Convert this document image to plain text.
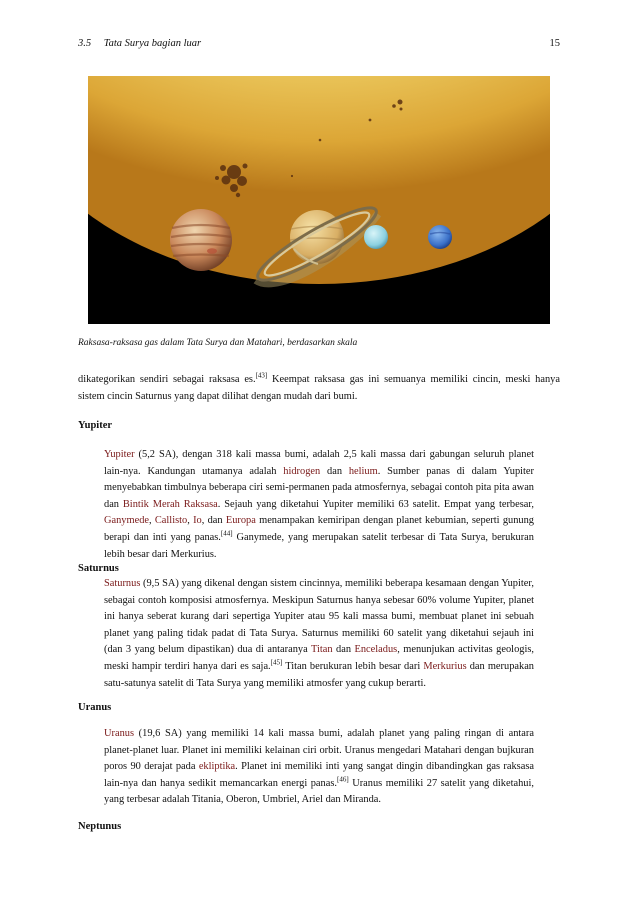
3.5 Tata Surya bagian luar	15
Raksasa-raksasa gas dalam Tata Surya dan Matahari, berdasarkan skala

dikategorikan sendiri sebagai raksasa es.[43] Keempat raksasa gas ini semuanya memiliki cincin, meski hanya sistem cincin Saturnus yang dapat dilihat dengan mudah dari bumi.

Yupiter

Yupiter (5,2 SA), dengan 318 kali massa bumi, adalah 2,5 kali massa dari gabungan seluruh planet lain-nya. Kandungan utamanya adalah hidrogen dan helium. Sumber panas di dalam Yupiter menyebabkan timbulnya beberapa ciri semi-permanen pada atmosfernya, sebagai contoh pita pita awan dan Bintik Merah Raksasa. Sejauh yang diketahui Yupiter memiliki 63 satelit. Empat yang terbesar, Ganymede, Callisto, Io, dan Europa menampakan kemiripan dengan planet kebumian, seperti gunung berapi dan inti yang panas.[44] Ganymede, yang merupakan satelit terbesar di Tata Surya, berukuran lebih besar dari Merkurius.

Saturnus

Saturnus (9,5 SA) yang dikenal dengan sistem cincinnya, memiliki beberapa kesamaan dengan Yupiter, sebagai contoh komposisi atmosfernya. Meskipun Saturnus hanya sebesar 60% volume Yupiter, planet ini hanya seberat kurang dari sepertiga Yupiter atau 95 kali massa bumi, membuat planet ini sebuah planet yang paling tidak padat di Tata Surya. Saturnus memiliki 60 satelit yang diketahui sejauh ini (dan 3 yang belum dipastikan) dua di antaranya Titan dan Enceladus, menunjukan activitas geologis, meski hampir terdiri hanya dari es saja.[45] Titan berukuran lebih besar dari Merkurius dan merupakan satu-satunya satelit di Tata Surya yang memiliki atmosfer yang cukup berarti.

Uranus

Uranus (19,6 SA) yang memiliki 14 kali massa bumi, adalah planet yang paling ringan di antara planet-planet luar. Planet ini memiliki kelainan ciri orbit. Uranus mengedari Matahari dengan bujkuran poros 90 derajat pada ekliptika. Planet ini memiliki inti yang sangat dingin dibandingkan gas raksasa lain-nya dan hanya sedikit memancarkan energi panas.[46] Uranus memiliki 27 satelit yang diketahui, yang terbesar adalah Titania, Oberon, Umbriel, Ariel dan Miranda.

Neptunus
